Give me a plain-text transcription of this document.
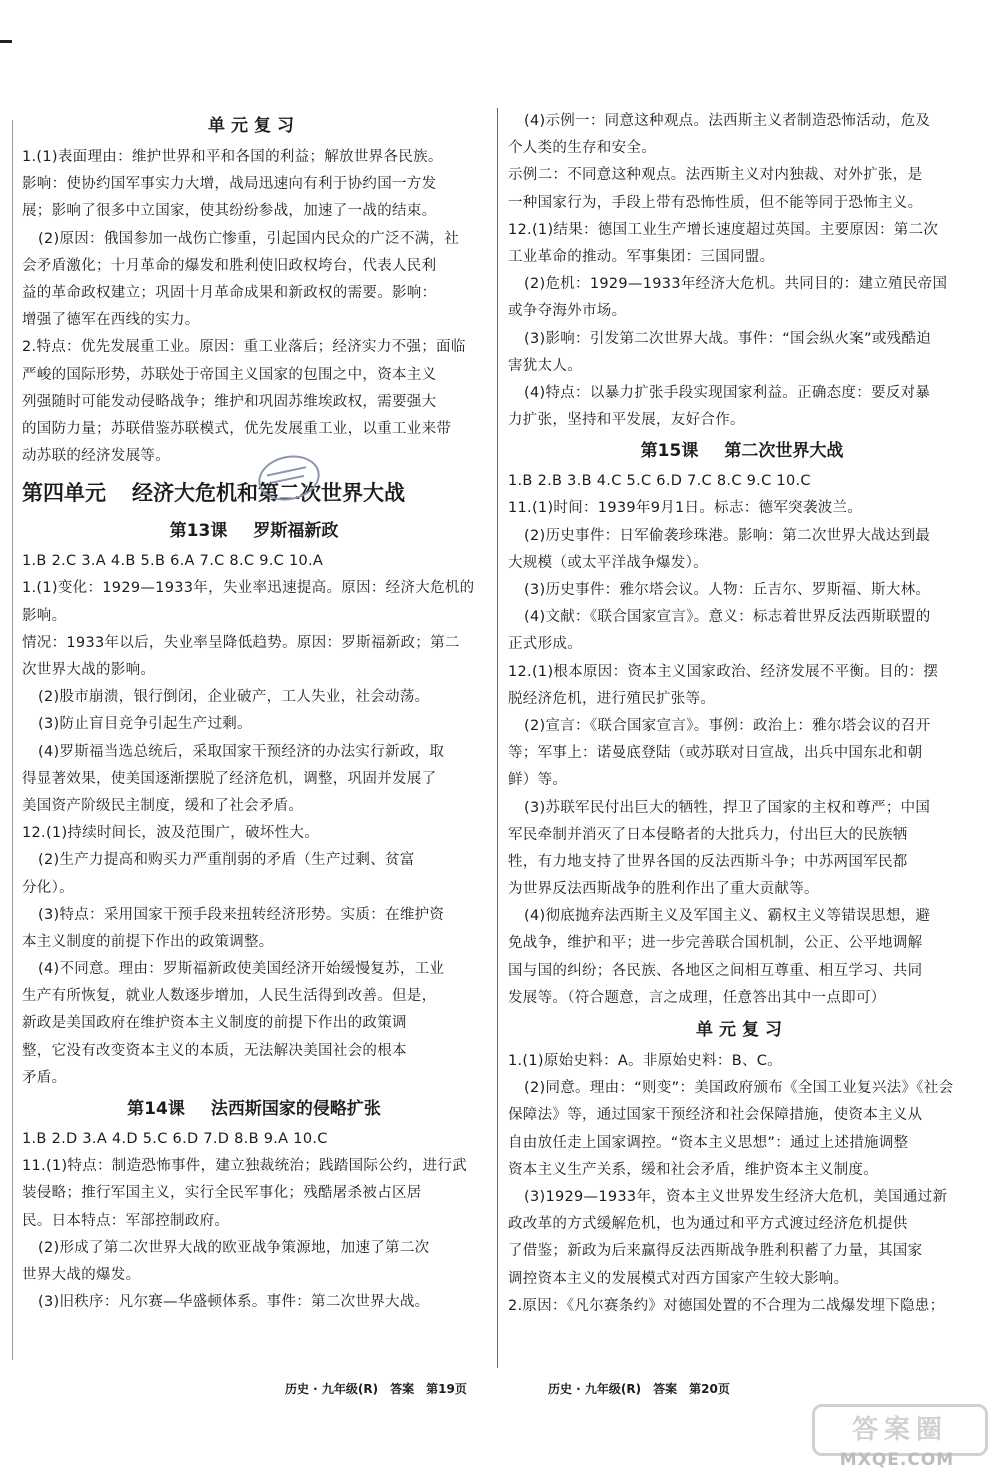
单元复习
1.(1)表面理由：维护世界和平和各国的利益；解放世界各民族。
影响：使协约国军事实力大增，战局迅速向有利于协约国一方发
展；影响了很多中立国家，使其纷纷参战，加速了一战的结束。
(2)原因：俄国参加一战伤亡惨重，引起国内民众的广泛不满，社
会矛盾激化；十月革命的爆发和胜利使旧政权垮台，代表人民利
益的革命政权建立；巩固十月革命成果和新政权的需要。影响：
增强了德军在西线的实力。
2.特点：优先发展重工业。原因：重工业落后；经济实力不强；面临
严峻的国际形势，苏联处于帝国主义国家的包围之中，资本主义
列强随时可能发动侵略战争；维护和巩固苏维埃政权，需要强大
的国防力量；苏联借鉴苏联模式，优先发展重工业，以重工业来带
动苏联的经济发展等。
第四单元 经济大危机和第二次世界大战
第13课 罗斯福新政
1.B 2.C 3.A 4.B 5.B 6.A 7.C 8.C 9.C 10.A
1.(1)变化：1929—1933年，失业率迅速提高。原因：经济大危机的
影响。
情况：1933年以后，失业率呈降低趋势。原因：罗斯福新政；第二
次世界大战的影响。
(2)股市崩溃，银行倒闭，企业破产，工人失业，社会动荡。
(3)防止盲目竞争引起生产过剩。
(4)罗斯福当选总统后，采取国家干预经济的办法实行新政，取
得显著效果，使美国逐渐摆脱了经济危机，调整，巩固并发展了
美国资产阶级民主制度，缓和了社会矛盾。
12.(1)持续时间长，波及范围广，破坏性大。
(2)生产力提高和购买力严重削弱的矛盾（生产过剩、贫富
分化）。
(3)特点：采用国家干预手段来扭转经济形势。实质：在维护资
本主义制度的前提下作出的政策调整。
(4)不同意。理由：罗斯福新政使美国经济开始缓慢复苏，工业
生产有所恢复，就业人数逐步增加，人民生活得到改善。但是，
新政是美国政府在维护资本主义制度的前提下作出的政策调
整，它没有改变资本主义的本质，无法解决美国社会的根本
矛盾。
第14课 法西斯国家的侵略扩张
1.B 2.D 3.A 4.D 5.C 6.D 7.D 8.B 9.A 10.C
11.(1)特点：制造恐怖事件，建立独裁统治；践踏国际公约，进行武
装侵略；推行军国主义，实行全民军事化；残酷屠杀被占区居
民。日本特点：军部控制政府。
(2)形成了第二次世界大战的欧亚战争策源地，加速了第二次
世界大战的爆发。
(3)旧秩序：凡尔赛—华盛顿体系。事件：第二次世界大战。
(4)示例一：同意这种观点。法西斯主义者制造恐怖活动，危及
个人类的生存和安全。
示例二：不同意这种观点。法西斯主义对内独裁、对外扩张，是
一种国家行为，手段上带有恐怖性质，但不能等同于恐怖主义。
12.(1)结果：德国工业生产增长速度超过英国。主要原因：第二次
工业革命的推动。军事集团：三国同盟。
(2)危机：1929—1933年经济大危机。共同目的：建立殖民帝国
或争夺海外市场。
(3)影响：引发第二次世界大战。事件：“国会纵火案”或残酷迫
害犹太人。
(4)特点：以暴力扩张手段实现国家利益。正确态度：要反对暴
力扩张，坚持和平发展，友好合作。
第15课 第二次世界大战
1.B 2.B 3.B 4.C 5.C 6.D 7.C 8.C 9.C 10.C
11.(1)时间：1939年9月1日。标志：德军突袭波兰。
(2)历史事件：日军偷袭珍珠港。影响：第二次世界大战达到最
大规模（或太平洋战争爆发）。
(3)历史事件：雅尔塔会议。人物：丘吉尔、罗斯福、斯大林。
(4)文献：《联合国家宣言》。意义：标志着世界反法西斯联盟的
正式形成。
12.(1)根本原因：资本主义国家政治、经济发展不平衡。目的：摆
脱经济危机，进行殖民扩张等。
(2)宣言：《联合国家宣言》。事例：政治上：雅尔塔会议的召开
等；军事上：诺曼底登陆（或苏联对日宣战，出兵中国东北和朝
鲜）等。
(3)苏联军民付出巨大的牺牲，捍卫了国家的主权和尊严；中国
军民牵制并消灭了日本侵略者的大批兵力，付出巨大的民族牺
牲，有力地支持了世界各国的反法西斯斗争；中苏两国军民都
为世界反法西斯战争的胜利作出了重大贡献等。
(4)彻底抛弃法西斯主义及军国主义、霸权主义等错误思想，避
免战争，维护和平；进一步完善联合国机制，公正、公平地调解
国与国的纠纷；各民族、各地区之间相互尊重、相互学习、共同
发展等。（符合题意，言之成理，任意答出其中一点即可）
单元复习
1.(1)原始史料：A。非原始史料：B、C。
(2)同意。理由：“则变”：美国政府颁布《全国工业复兴法》《社会
保障法》等，通过国家干预经济和社会保障措施，使资本主义从
自由放任走上国家调控。“资本主义思想”：通过上述措施调整
资本主义生产关系，缓和社会矛盾，维护资本主义制度。
(3)1929—1933年，资本主义世界发生经济大危机，美国通过新
政改革的方式缓解危机，也为通过和平方式渡过经济危机提供
了借鉴；新政为后来赢得反法西斯战争胜利积蓄了力量，其国家
调控资本主义的发展模式对西方国家产生较大影响。
2.原因：《凡尔赛条约》对德国处置的不合理为二战爆发埋下隐患；
历史 · 九年级(R)　答案　第19页	历史 · 九年级(R)　答案　第20页
答案圈
MXQE.COM
